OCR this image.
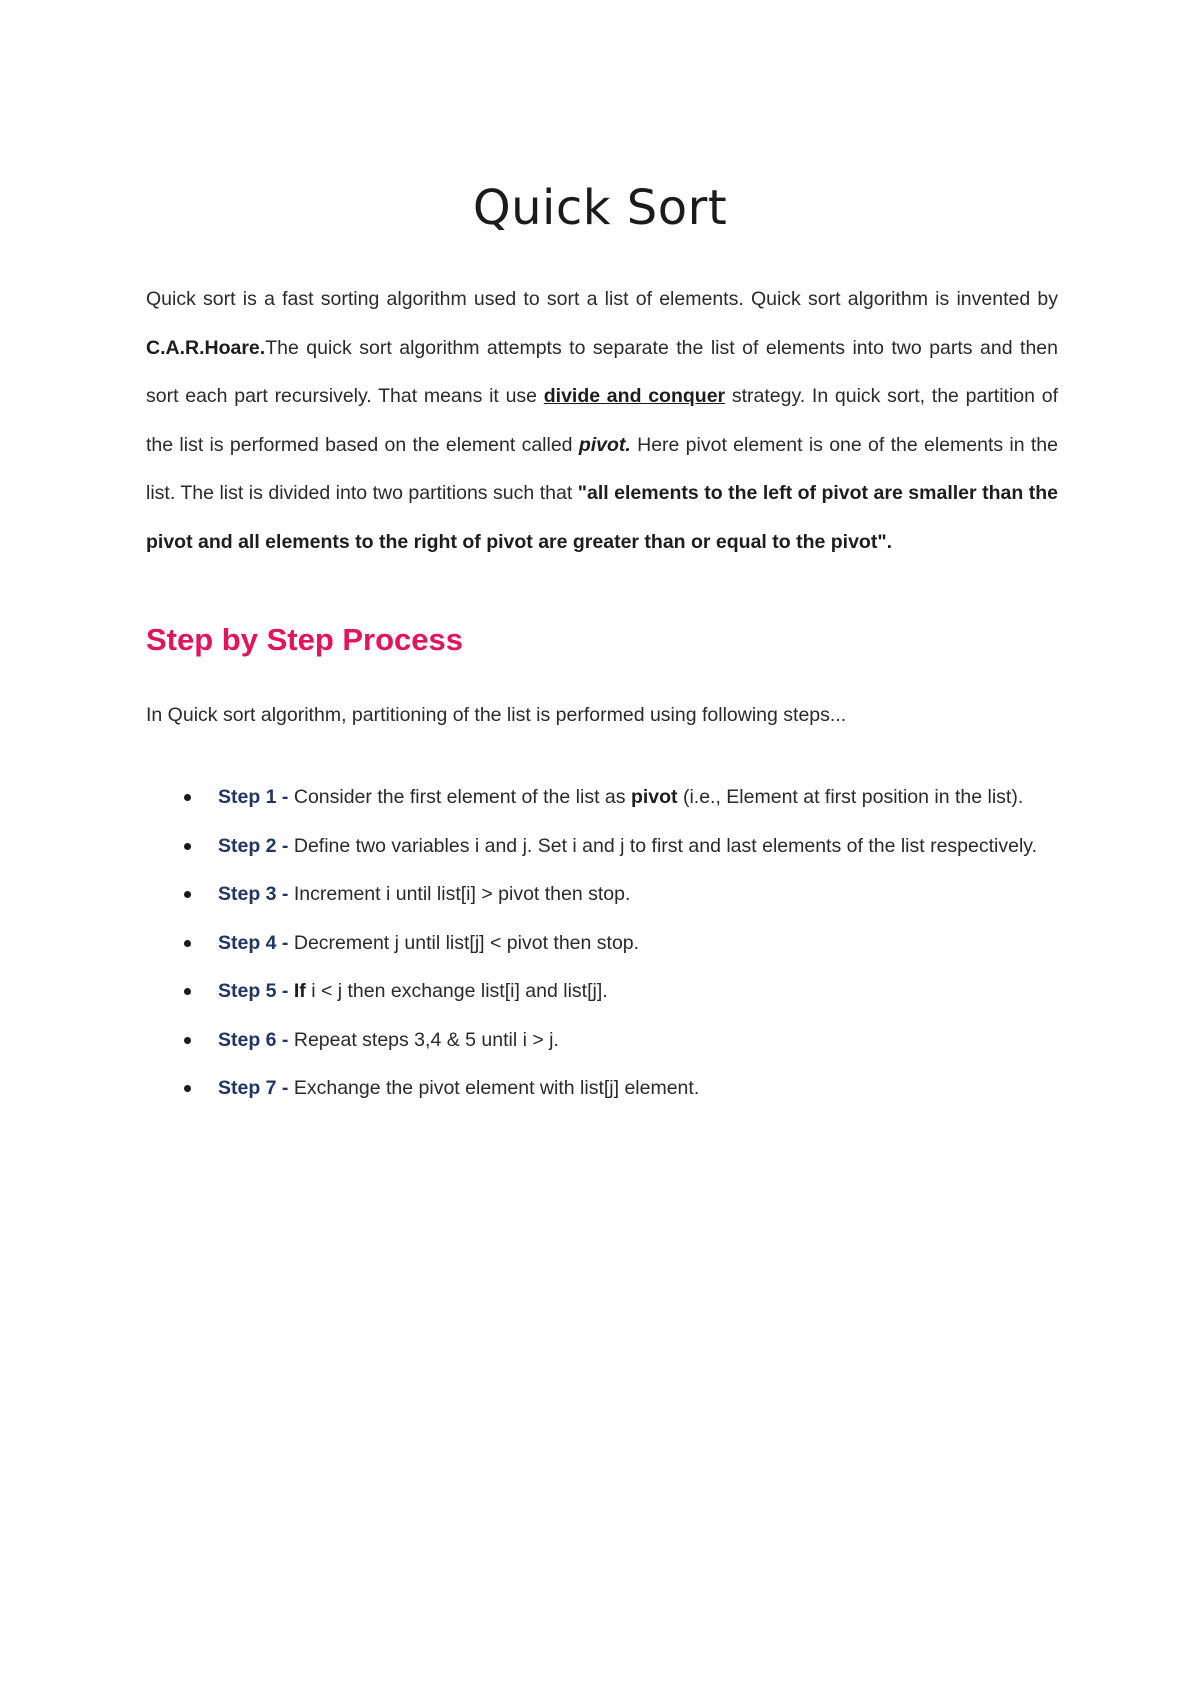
Quick Sort

Quick sort is a fast sorting algorithm used to sort a list of elements. Quick sort algorithm is invented by C.A.R.Hoare.The quick sort algorithm attempts to separate the list of elements into two parts and then sort each part recursively. That means it use divide and conquer strategy. In quick sort, the partition of the list is performed based on the element called pivot. Here pivot element is one of the elements in the list. The list is divided into two partitions such that "all elements to the left of pivot are smaller than the pivot and all elements to the right of pivot are greater than or equal to the pivot".

Step by Step Process

In Quick sort algorithm, partitioning of the list is performed using following steps...

Step 1 - Consider the first element of the list as pivot (i.e., Element at first position in the list).
Step 2 - Define two variables i and j. Set i and j to first and last elements of the list respectively.
Step 3 - Increment i until list[i] > pivot then stop.
Step 4 - Decrement j until list[j] < pivot then stop.
Step 5 - If i < j then exchange list[i] and list[j].
Step 6 - Repeat steps 3,4 & 5 until i > j.
Step 7 - Exchange the pivot element with list[j] element.
